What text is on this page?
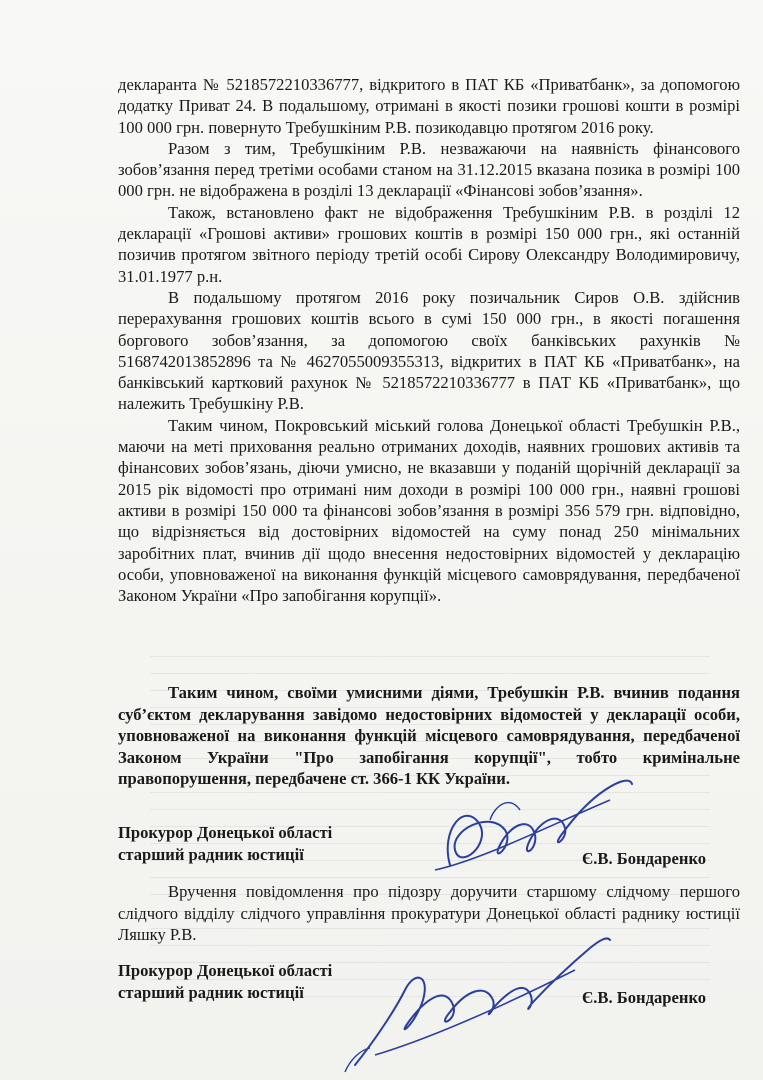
декларанта № 5218572210336777, відкритого в ПАТ КБ «Приватбанк», за допомогою додатку Приват 24. В подальшому, отримані в якості позики грошові кошти в розмірі 100 000 грн. повернуто Требушкіним Р.В. позикодавцю протягом 2016 року.

Разом з тим, Требушкіним Р.В. незважаючи на наявність фінансового зобов’язання перед третіми особами станом на 31.12.2015 вказана позика в розмірі 100 000 грн. не відображена в розділі 13 декларації «Фінансові зобов’язання».

Також, встановлено факт не відображення Требушкіним Р.В. в розділі 12 декларації «Грошові активи» грошових коштів в розмірі 150 000 грн., які останній позичив протягом звітного періоду третій особі Сирову Олександру Володимировичу, 31.01.1977 р.н.

В подальшому протягом 2016 року позичальник Сиров О.В. здійснив перерахування грошових коштів всього в сумі 150 000 грн., в якості погашення боргового зобов’язання, за допомогою своїх банківських рахунків № 5168742013852896 та № 4627055009355313, відкритих в ПАТ КБ «Приватбанк», на банківський картковий рахунок № 5218572210336777 в ПАТ КБ «Приватбанк», що належить Требушкіну Р.В.

Таким чином, Покровський міський голова Донецької області Требушкін Р.В., маючи на меті приховання реально отриманих доходів, наявних грошових активів та фінансових зобов’язань, діючи умисно, не вказавши у поданій щорічній декларації за 2015 рік відомості про отримані ним доходи в розмірі 100 000 грн., наявні грошові активи в розмірі 150 000 та фінансові зобов’язання в розмірі 356 579 грн. відповідно, що відрізняється від достовірних відомостей на суму понад 250 мінімальних заробітних плат, вчинив дії щодо внесення недостовірних відомостей у декларацію особи, уповноваженої на виконання функцій місцевого самоврядування, передбаченої Законом України «Про запобігання корупції».

Таким чином, своїми умисними діями, Требушкін Р.В. вчинив подання суб’єктом декларування завідомо недостовірних відомостей у декларації особи, уповноваженої на виконання функцій місцевого самоврядування, передбаченої Законом України "Про запобігання корупції", тобто кримінальне правопорушення, передбачене ст. 366-1 КК України.

Прокурор Донецької області
старший радник юстиції	Є.В. Бондаренко

Вручення повідомлення про підозру доручити старшому слідчому першого слідчого відділу слідчого управління прокуратури Донецької області раднику юстиції Ляшку Р.В.

Прокурор Донецької області
старший радник юстиції	Є.В. Бондаренко
